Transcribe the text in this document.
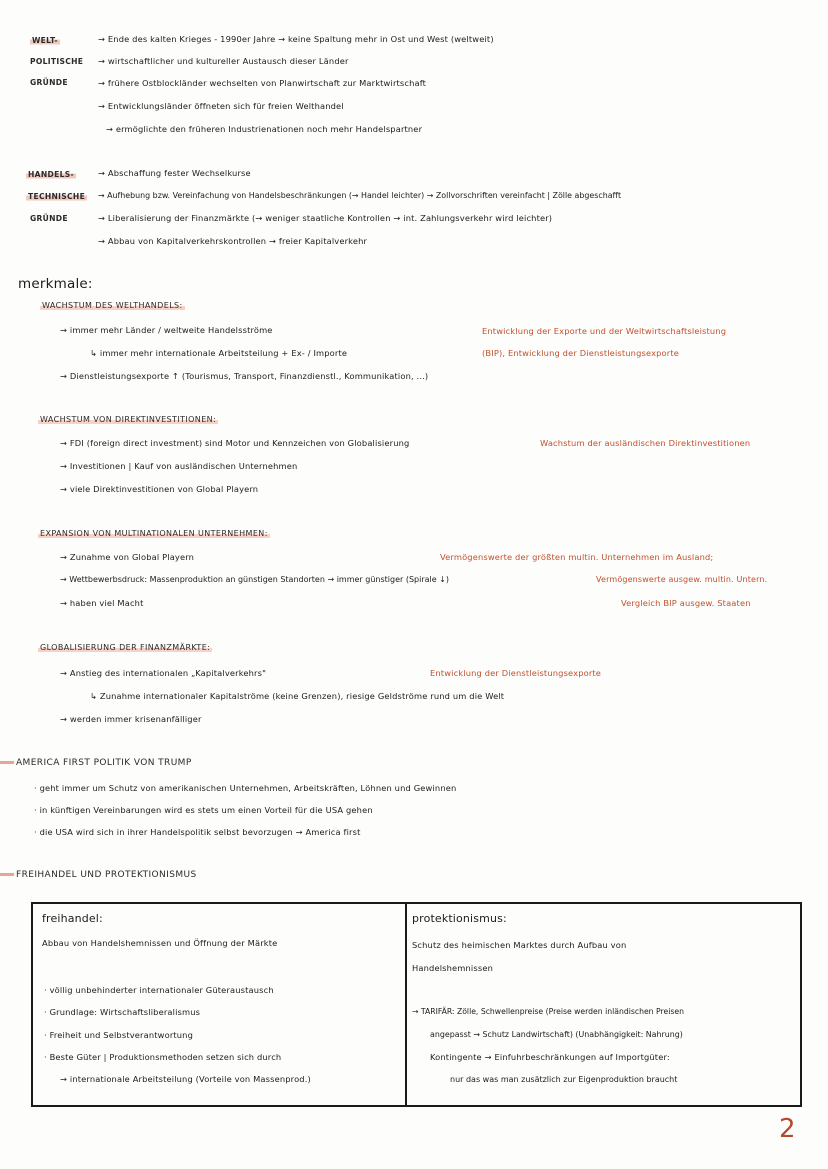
WELT-
POLITISCHE
GRÜNDE
→ Ende des kalten Krieges - 1990er Jahre → keine Spaltung mehr in Ost und West (weltweit)
→ wirtschaftlicher und kultureller Austausch dieser Länder
→ frühere Ostblockländer wechselten von Planwirtschaft zur Marktwirtschaft
→ Entwicklungsländer öffneten sich für freien Welthandel
→ ermöglichte den früheren Industrienationen noch mehr Handelspartner
HANDELS-
TECHNISCHE
GRÜNDE
→ Abschaffung fester Wechselkurse
→ Aufhebung bzw. Vereinfachung von Handelsbeschränkungen (→ Handel leichter) → Zollvorschriften vereinfacht | Zölle abgeschafft
→ Liberalisierung der Finanzmärkte (→ weniger staatliche Kontrollen → int. Zahlungsverkehr wird leichter)
→ Abbau von Kapitalverkehrskontrollen → freier Kapitalverkehr
merkmale:
WACHSTUM DES WELTHANDELS:
→ immer mehr Länder / weltweite Handelsströme
↳ immer mehr internationale Arbeitsteilung + Ex- / Importe
→ Dienstleistungsexporte ↑ (Tourismus, Transport, Finanzdienstl., Kommunikation, ...)
Entwicklung der Exporte und der Weltwirtschaftsleistung
(BIP), Entwicklung der Dienstleistungsexporte
WACHSTUM VON DIREKTINVESTITIONEN:
→ FDI (foreign direct investment) sind Motor und Kennzeichen von Globalisierung
→ Investitionen | Kauf von ausländischen Unternehmen
→ viele Direktinvestitionen von Global Playern
Wachstum der ausländischen Direktinvestitionen
EXPANSION VON MULTINATIONALEN UNTERNEHMEN:
→ Zunahme von Global Playern
→ Wettbewerbsdruck: Massenproduktion an günstigen Standorten → immer günstiger (Spirale ↓)
→ haben viel Macht
Vermögenswerte der größten multin. Unternehmen im Ausland;
Vermögenswerte ausgew. multin. Untern.
Vergleich BIP ausgew. Staaten
GLOBALISIERUNG DER FINANZMÄRKTE:
→ Anstieg des internationalen „Kapitalverkehrs"
↳ Zunahme internationaler Kapitalströme (keine Grenzen), riesige Geldströme rund um die Welt
→ werden immer krisenanfälliger
Entwicklung der Dienstleistungsexporte
AMERICA FIRST POLITIK VON TRUMP
· geht immer um Schutz von amerikanischen Unternehmen, Arbeitskräften, Löhnen und Gewinnen
· in künftigen Vereinbarungen wird es stets um einen Vorteil für die USA gehen
· die USA wird sich in ihrer Handelspolitik selbst bevorzugen → America first
FREIHANDEL UND PROTEKTIONISMUS
freihandel:
Abbau von Handelshemnissen und Öffnung der Märkte
· völlig unbehinderter internationaler Güteraustausch
· Grundlage: Wirtschaftsliberalismus
· Freiheit und Selbstverantwortung
· Beste Güter | Produktionsmethoden setzen sich durch
→ internationale Arbeitsteilung (Vorteile von Massenprod.)
protektionismus:
Schutz des heimischen Marktes durch Aufbau von
Handelshemnissen
→ TARIFÄR: Zölle, Schwellenpreise (Preise werden inländischen Preisen
angepasst → Schutz Landwirtschaft) (Unabhängigkeit: Nahrung)
Kontingente → Einfuhrbeschränkungen auf Importgüter:
nur das was man zusätzlich zur Eigenproduktion braucht
2
